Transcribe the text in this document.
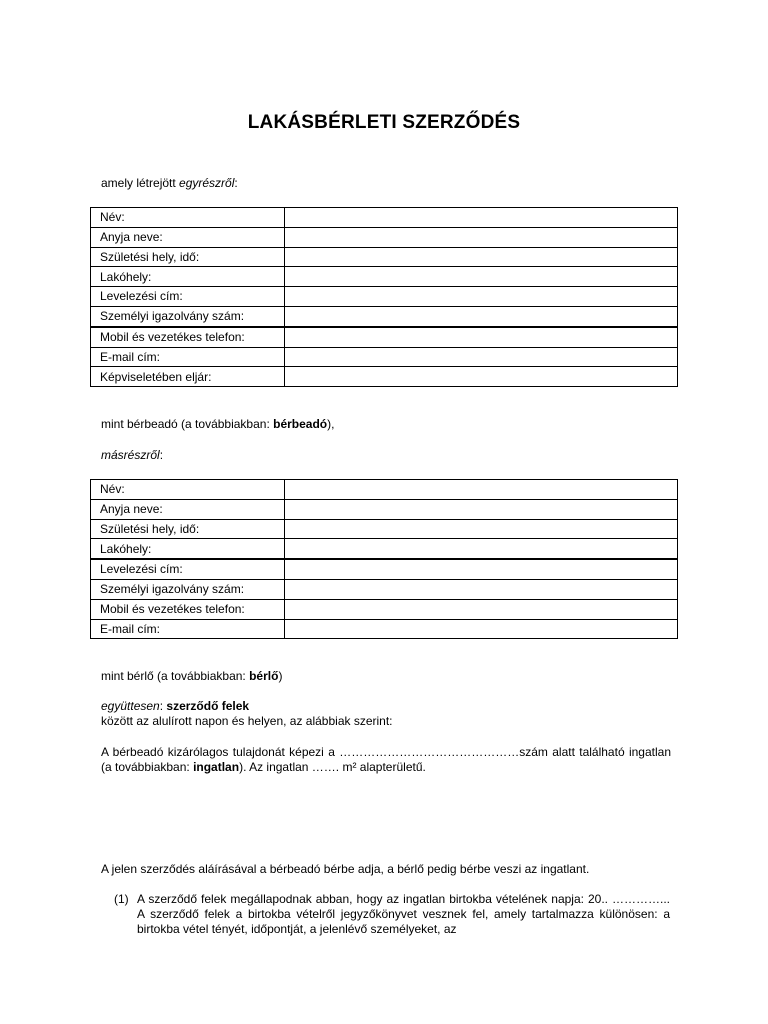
LAKÁSBÉRLETI SZERZŐDÉS
amely létrejött egyrészről:
Név:	
Anyja neve:	
Születési hely, idő:	
Lakóhely:	
Levelezési cím:	
Személyi igazolvány szám:	
Mobil és vezetékes telefon:	
E-mail cím:	
Képviseletében eljár:	
mint bérbeadó (a továbbiakban: bérbeadó),
másrészről:
Név:	
Anyja neve:	
Születési hely, idő:	
Lakóhely:	
Levelezési cím:	
Személyi igazolvány szám:	
Mobil és vezetékes telefon:	
E-mail cím:	
mint bérlő (a továbbiakban: bérlő)
együttesen: szerződő felek
között az alulírott napon és helyen, az alábbiak szerint:
A bérbeadó kizárólagos tulajdonát képezi a ………………………………………szám alatt található ingatlan (a továbbiakban: ingatlan). Az ingatlan ……. m² alapterületű.
A jelen szerződés aláírásával a bérbeadó bérbe adja, a bérlő pedig bérbe veszi az ingatlant.
(1) A szerződő felek megállapodnak abban, hogy az ingatlan birtokba vételének napja: 20.. …………... A szerződő felek a birtokba vételről jegyzőkönyvet vesznek fel, amely tartalmazza különösen: a birtokba vétel tényét, időpontját, a jelenlévő személyeket, az
